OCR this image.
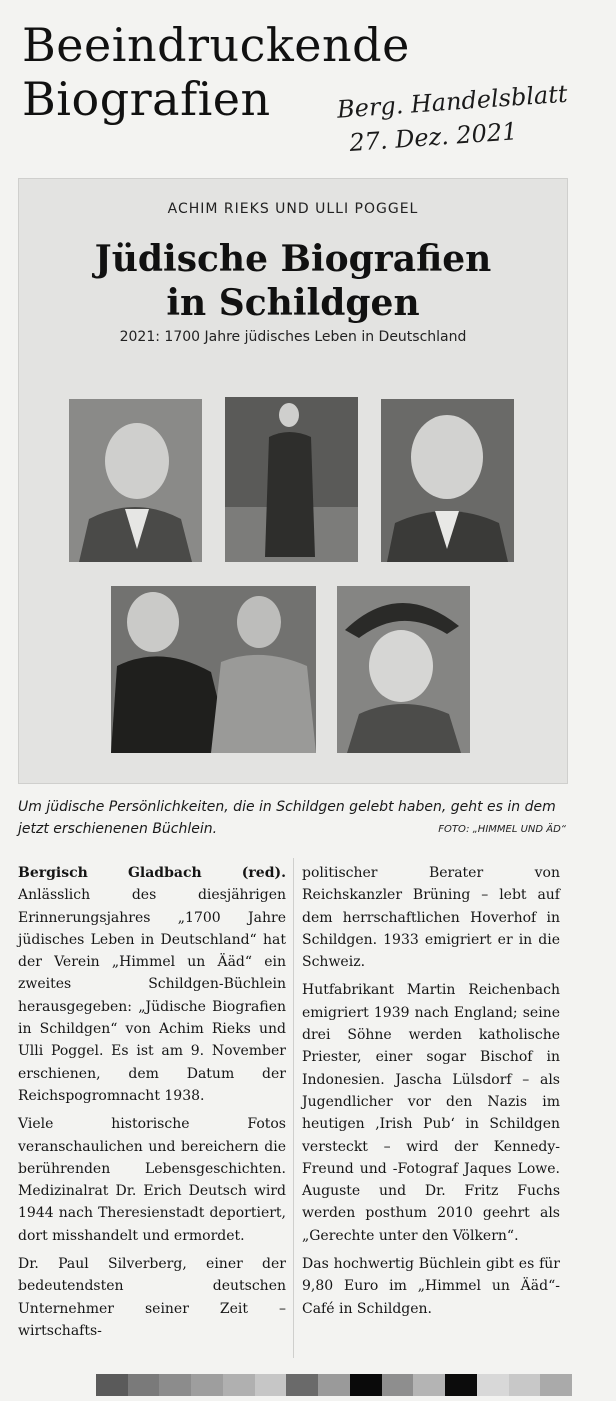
Beeindruckende Biografien	Berg. Handelsblatt
27. Dez. 2021
ACHIM RIEKS UND ULLI POGGEL
Jüdische Biografien
in Schildgen
2021: 1700 Jahre jüdisches Leben in Deutschland
Um jüdische Persönlichkeiten, die in Schildgen gelebt haben, geht es in dem jetzt erschienenen Büchlein.	FOTO: „HIMMEL UND ÄD“

Bergisch Gladbach (red). Anlässlich des diesjährigen Erinnerungsjahres „1700 Jahre jüdisches Leben in Deutschland“ hat der Verein „Himmel un Ääd“ ein zweites Schildgen-Büchlein herausgegeben: „Jüdische Biografien in Schildgen“ von Achim Rieks und Ulli Poggel. Es ist am 9. November erschienen, dem Datum der Reichspogromnacht 1938.

Viele historische Fotos veranschaulichen und bereichern die berührenden Lebensgeschichten. Medizinalrat Dr. Erich Deutsch wird 1944 nach Theresienstadt deportiert, dort misshandelt und ermordet.

Dr. Paul Silverberg, einer der bedeutendsten deutschen Unternehmer seiner Zeit – wirtschafts-

politischer Berater von Reichskanzler Brüning – lebt auf dem herrschaftlichen Hoverhof in Schildgen. 1933 emigriert er in die Schweiz.

Hutfabrikant Martin Reichenbach emigriert 1939 nach England; seine drei Söhne werden katholische Priester, einer sogar Bischof in Indonesien. Jascha Lülsdorf – als Jugendlicher vor den Nazis im heutigen ‚Irish Pub‘ in Schildgen versteckt – wird der Kennedy-Freund und -Fotograf Jaques Lowe. Auguste und Dr. Fritz Fuchs werden posthum 2010 geehrt als „Gerechte unter den Völkern“.

Das hochwertig Büchlein gibt es für 9,80 Euro im „Himmel un Ääd“-Café in Schildgen.
